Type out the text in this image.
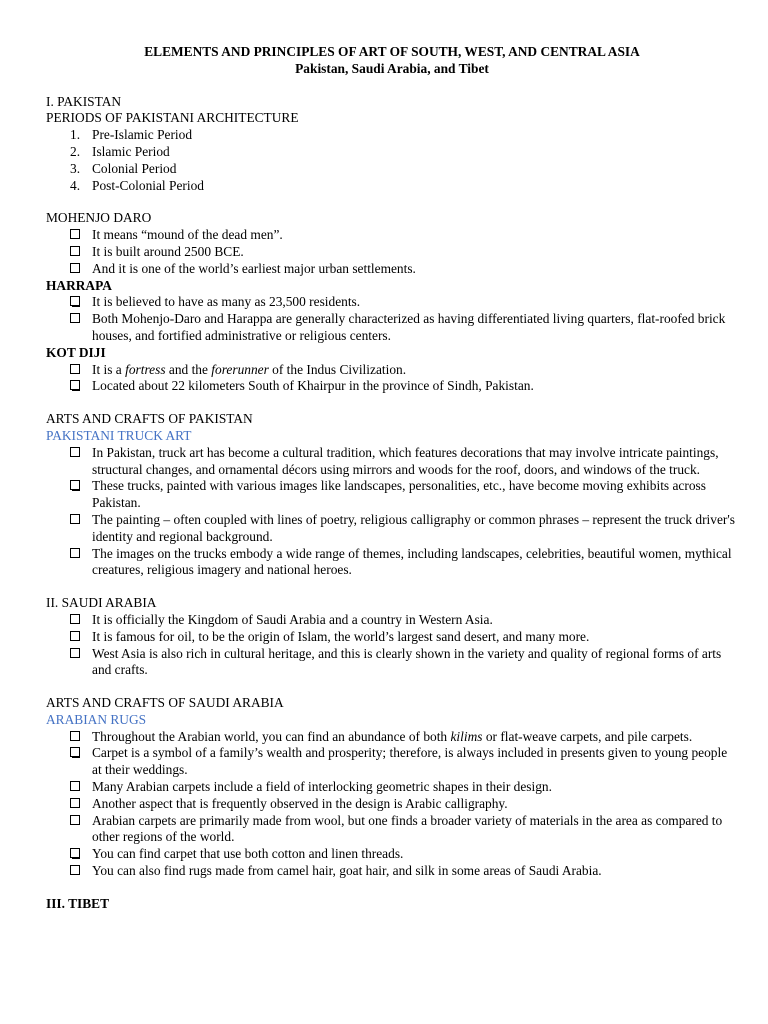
ELEMENTS AND PRINCIPLES OF ART OF SOUTH, WEST, AND CENTRAL ASIA

Pakistan, Saudi Arabia, and Tibet

I. PAKISTAN

PERIODS OF PAKISTANI ARCHITECTURE

1. Pre-Islamic Period
2. Islamic Period
3. Colonial Period
4. Post-Colonial Period

MOHENJO DARO

It means “mound of the dead men”.
It is built around 2500 BCE.
And it is one of the world’s earliest major urban settlements.

HARRAPA

It is believed to have as many as 23,500 residents.
Both Mohenjo-Daro and Harappa are generally characterized as having differentiated living quarters, flat-roofed brick houses, and fortified administrative or religious centers.

KOT DIJI

It is a fortress and the forerunner of the Indus Civilization.
Located about 22 kilometers South of Khairpur in the province of Sindh, Pakistan.

ARTS AND CRAFTS OF PAKISTAN

PAKISTANI TRUCK ART

In Pakistan, truck art has become a cultural tradition, which features decorations that may involve intricate paintings, structural changes, and ornamental décors using mirrors and woods for the roof, doors, and windows of the truck.
These trucks, painted with various images like landscapes, personalities, etc., have become moving exhibits across Pakistan.
The painting – often coupled with lines of poetry, religious calligraphy or common phrases – represent the truck driver's identity and regional background.
The images on the trucks embody a wide range of themes, including landscapes, celebrities, beautiful women, mythical creatures, religious imagery and national heroes.

II. SAUDI ARABIA

It is officially the Kingdom of Saudi Arabia and a country in Western Asia.
It is famous for oil, to be the origin of Islam, the world’s largest sand desert, and many more.
West Asia is also rich in cultural heritage, and this is clearly shown in the variety and quality of regional forms of arts and crafts.

ARTS AND CRAFTS OF SAUDI ARABIA

ARABIAN RUGS

Throughout the Arabian world, you can find an abundance of both kilims or flat-weave carpets, and pile carpets.
Carpet is a symbol of a family’s wealth and prosperity; therefore, is always included in presents given to young people at their weddings.
Many Arabian carpets include a field of interlocking geometric shapes in their design.
Another aspect that is frequently observed in the design is Arabic calligraphy.
Arabian carpets are primarily made from wool, but one finds a broader variety of materials in the area as compared to other regions of the world.
You can find carpet that use both cotton and linen threads.
You can also find rugs made from camel hair, goat hair, and silk in some areas of Saudi Arabia.

III. TIBET
